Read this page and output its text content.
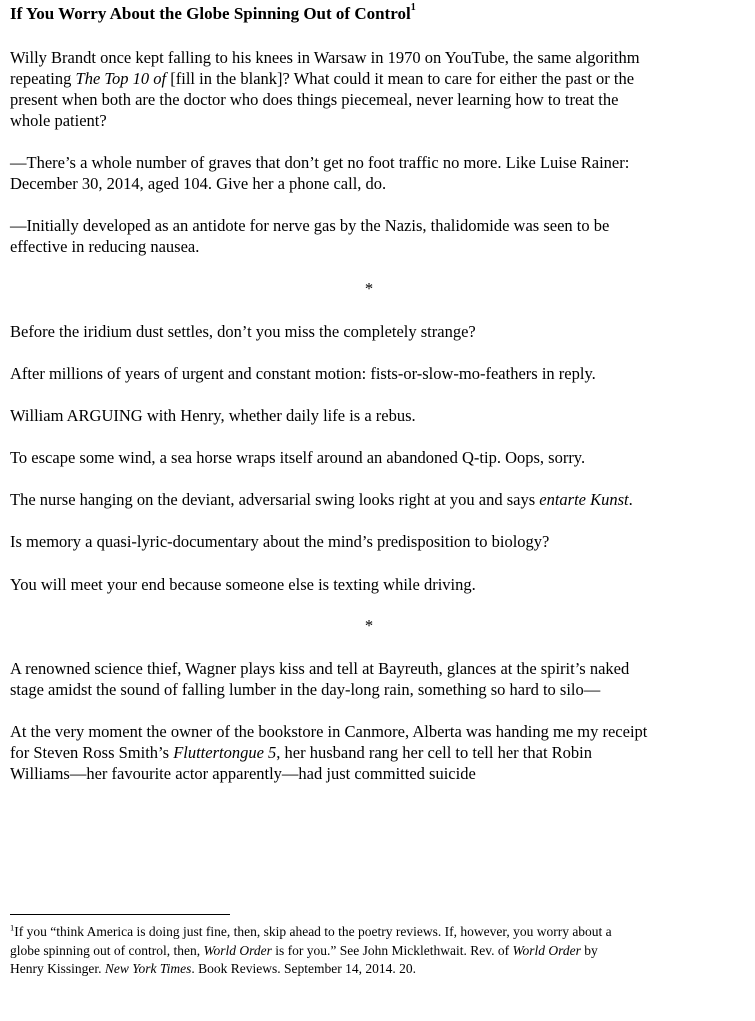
If You Worry About the Globe Spinning Out of Control$^1$
Willy Brandt once kept falling to his knees in Warsaw in 1970 on YouTube, the same algorithm
repeating The Top 10 of [fill in the blank]? What could it mean to care for either the past or the
present when both are the doctor who does things piecemeal, never learning how to treat the
whole patient?
—There’s a whole number of graves that don’t get no foot traffic no more. Like Luise Rainer:
December 30, 2014, aged 104. Give her a phone call, do.
—Initially developed as an antidote for nerve gas by the Nazis, thalidomide was seen to be
effective in reducing nausea.
*
Before the iridium dust settles, don’t you miss the completely strange?
After millions of years of urgent and constant motion: fists-or-slow-mo-feathers in reply.
William ARGUING with Henry, whether daily life is a rebus.
To escape some wind, a sea horse wraps itself around an abandoned Q-tip. Oops, sorry.
The nurse hanging on the deviant, adversarial swing looks right at you and says entarte Kunst.
Is memory a quasi-lyric-documentary about the mind’s predisposition to biology?
You will meet your end because someone else is texting while driving.
*
A renowned science thief, Wagner plays kiss and tell at Bayreuth, glances at the spirit’s naked
stage amidst the sound of falling lumber in the day-long rain, something so hard to silo—
At the very moment the owner of the bookstore in Canmore, Alberta was handing me my receipt
for Steven Ross Smith’s Fluttertongue 5, her husband rang her cell to tell her that Robin
Williams—her favourite actor apparently—had just committed suicide
$^1$If you “think America is doing just fine, then, skip ahead to the poetry reviews. If, however, you worry about a
globe spinning out of control, then, World Order is for you.” See John Micklethwait. Rev. of World Order by
Henry Kissinger. New York Times. Book Reviews. September 14, 2014. 20.
